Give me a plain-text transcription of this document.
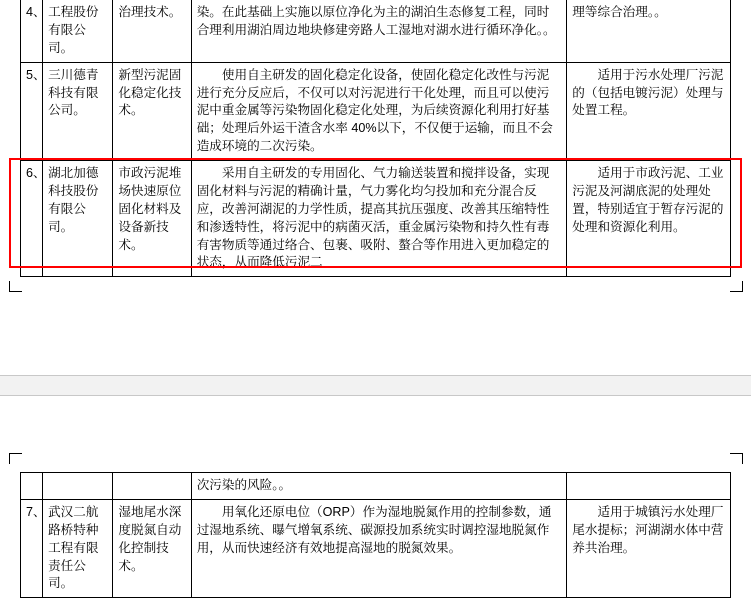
4、	工程股份有限公司。	治理技术。	染。在此基础上实施以原位净化为主的湖泊生态修复工程，同时合理利用湖泊周边地块修建旁路人工湿地对湖水进行循环净化。。	理等综合治理。。
5、	三川德青科技有限公司。	新型污泥固化稳定化技术。	使用自主研发的固化稳定化设备，使固化稳定化改性与污泥进行充分反应后，不仅可以对污泥进行干化处理，而且可以使污泥中重金属等污染物固化稳定化处理，为后续资源化利用打好基础；处理后外运干渣含水率 40%以下，不仅便于运输，而且不会造成环境的二次污染。	适用于污水处理厂污泥的（包括电镀污泥）处理与处置工程。
6、	湖北加德科技股份有限公司。	市政污泥堆场快速原位固化材料及设备新技术。	采用自主研发的专用固化、气力输送装置和搅拌设备，实现固化材料与污泥的精确计量，气力雾化均匀投加和充分混合反应，改善河湖泥的力学性质，提高其抗压强度、改善其压缩特性和渗透特性，将污泥中的病菌灭活，重金属污染物和持久性有毒有害物质等通过络合、包裹、吸附、螯合等作用进入更加稳定的状态，从而降低污泥二	适用于市政污泥、工业污泥及河湖底泥的处理处置，特别适宜于暂存污泥的处理和资源化利用。
			次污染的风险。。	
7、	武汉二航路桥特种工程有限责任公司。	湿地尾水深度脱氮自动化控制技术。	用氧化还原电位（ORP）作为湿地脱氮作用的控制参数，通过湿地系统、曝气增氧系统、碳源投加系统实时调控湿地脱氮作用，从而快速经济有效地提高湿地的脱氮效果。	适用于城镇污水处理厂尾水提标；河湖湖水体中营养共治理。
